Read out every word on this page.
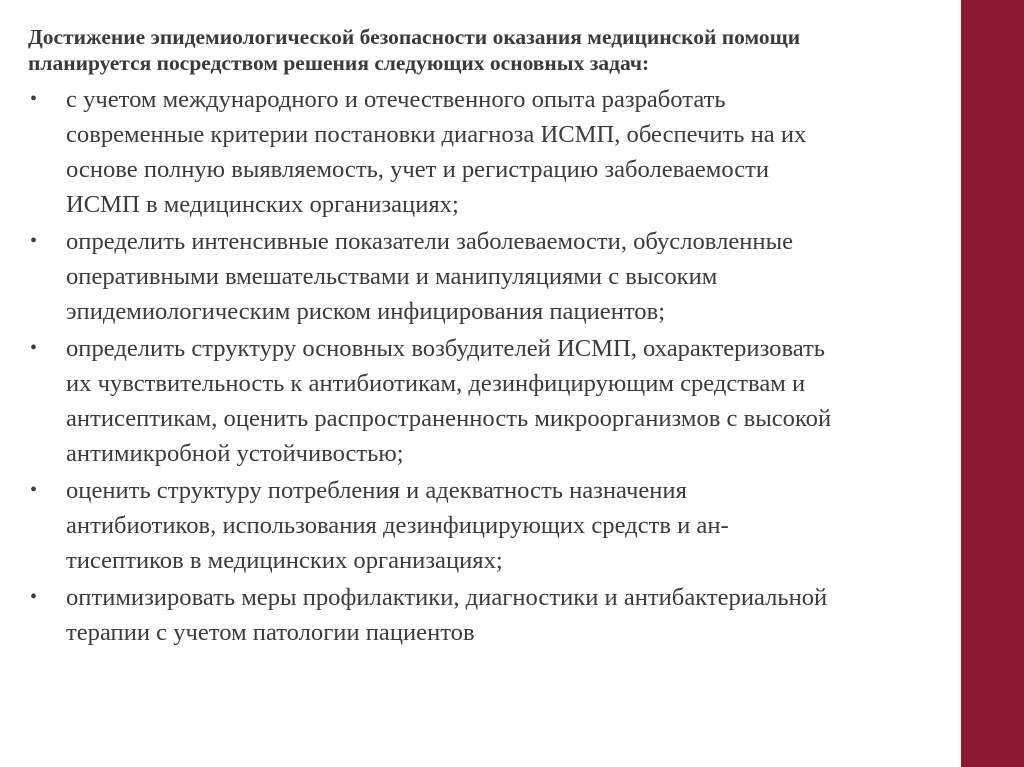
Достижение эпидемиологической безопасности оказания медицинской помощи
планируется посредством решения следующих основных задач:
• с учетом международного и отечественного опыта разработать
современные критерии постановки диагноза ИСМП, обеспечить на их
основе полную выявляемость, учет и регистрацию заболеваемости
ИСМП в медицинских организациях;
• определить интенсивные показатели заболеваемости, обусловленные
оперативными вмешательствами и манипуляциями с высоким
эпидемиологическим риском инфицирования пациентов;
• определить структуру основных возбудителей ИСМП, охарактеризовать
их чувствительность к антибиотикам, дезинфицирующим средствам и
антисептикам, оценить распространенность микроорганизмов с высокой
антимикробной устойчивостью;
• оценить структуру потребления и адекватность назначения
антибиотиков, использования дезинфицирующих средств и ан-
тисептиков в медицинских организациях;
• оптимизировать меры профилактики, диагностики и антибактериальной
терапии с учетом патологии пациентов
